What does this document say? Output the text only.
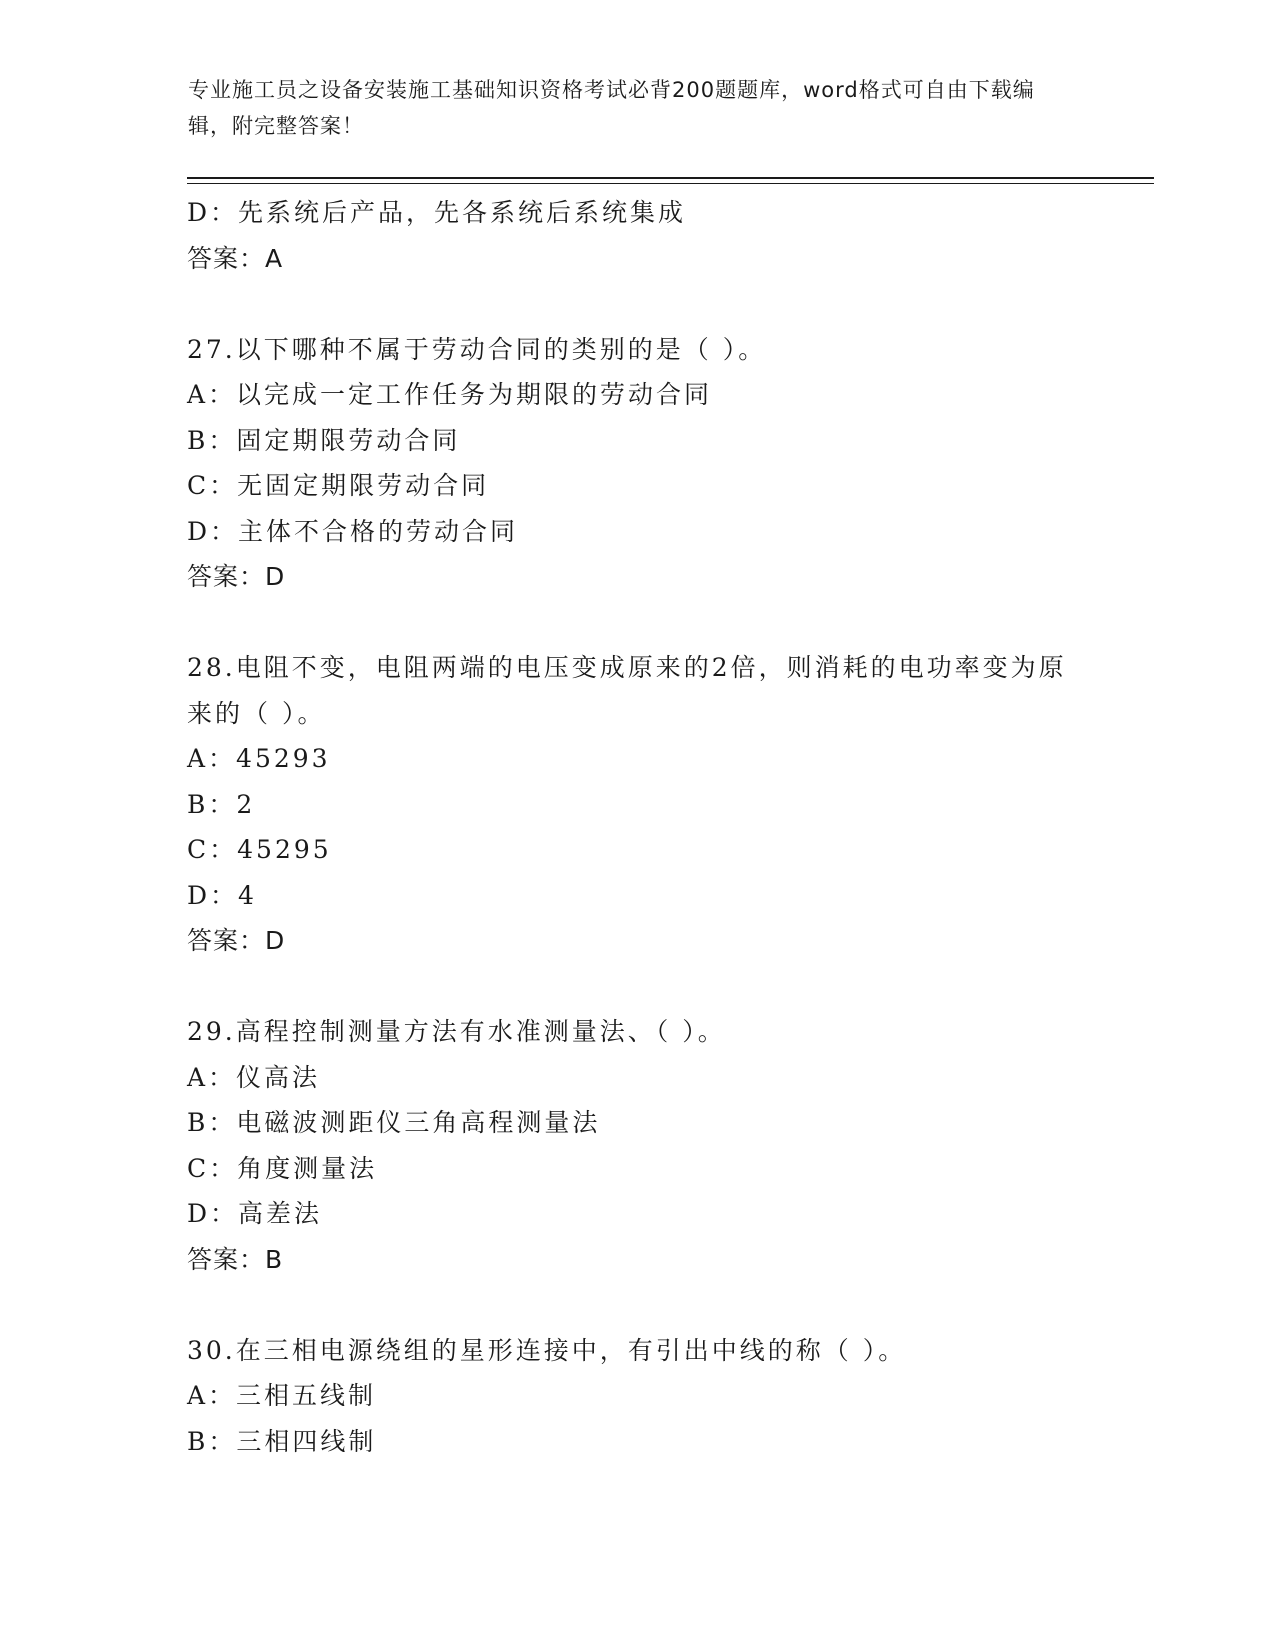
专业施工员之设备安装施工基础知识资格考试必背200题题库，word格式可自由下载编辑，附完整答案！
D：先系统后产品，先各系统后系统集成
答案：A
27.以下哪种不属于劳动合同的类别的是（ ）。
A：以完成一定工作任务为期限的劳动合同
B：固定期限劳动合同
C：无固定期限劳动合同
D：主体不合格的劳动合同
答案：D
28.电阻不变，电阻两端的电压变成原来的2倍，则消耗的电功率变为原来的（ ）。
A：45293
B：2
C：45295
D：4
答案：D
29.高程控制测量方法有水准测量法、（ ）。
A：仪高法
B：电磁波测距仪三角高程测量法
C：角度测量法
D：高差法
答案：B
30.在三相电源绕组的星形连接中，有引出中线的称（ ）。
A：三相五线制
B：三相四线制
